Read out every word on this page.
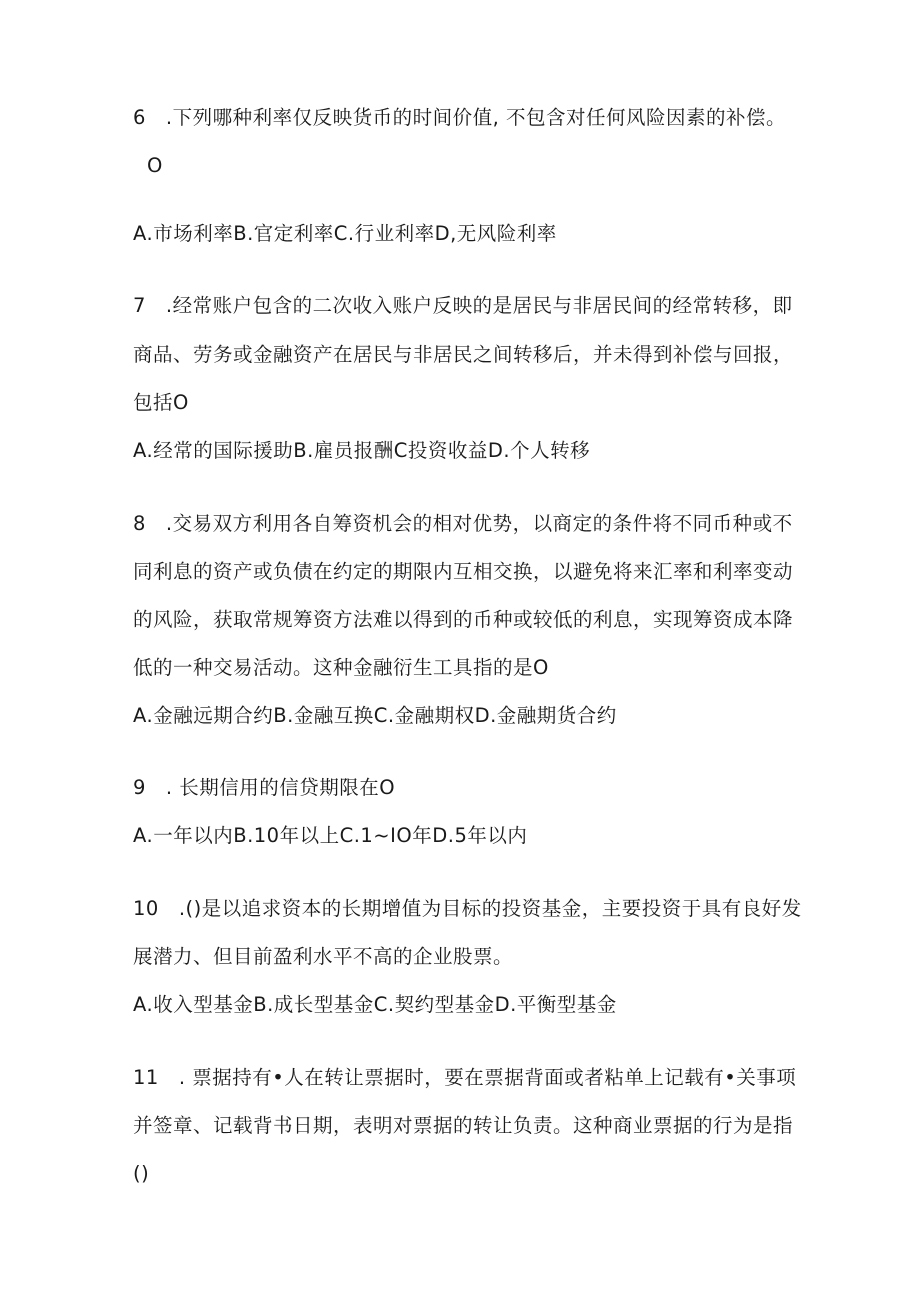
6　.下列哪种利率仅反映货币的时间价值, 不包含对任何风险因素的补偿。
O
A.市场利率B.官定利率C.行业利率D,无风险利率
7　.经常账户包含的二次收入账户反映的是居民与非居民间的经常转移，即
商品、劳务或金融资产在居民与非居民之间转移后，并未得到补偿与回报，
包括O
A.经常的国际援助B.雇员报酬C投资收益D.个人转移
8　.交易双方利用各自筹资机会的相对优势，以商定的条件将不同币种或不
同利息的资产或负债在约定的期限内互相交换，以避免将来汇率和利率变动
的风险，获取常规筹资方法难以得到的币种或较低的利息，实现筹资成本降
低的一种交易活动。这种金融衍生工具指的是O
A.金融远期合约B.金融互换C.金融期权D.金融期货合约
9　. 长期信用的信贷期限在O
A.一年以内B.10年以上C.1~IO年D.5年以内
10　.()是以追求资本的长期增值为目标的投资基金，主要投资于具有良好发
展潜力、但目前盈利水平不高的企业股票。
A.收入型基金B.成长型基金C.契约型基金D.平衡型基金
11　. 票据持有•人在转让票据时，要在票据背面或者粘单上记载有•关事项
并签章、记载背书日期，表明对票据的转让负责。这种商业票据的行为是指
()
